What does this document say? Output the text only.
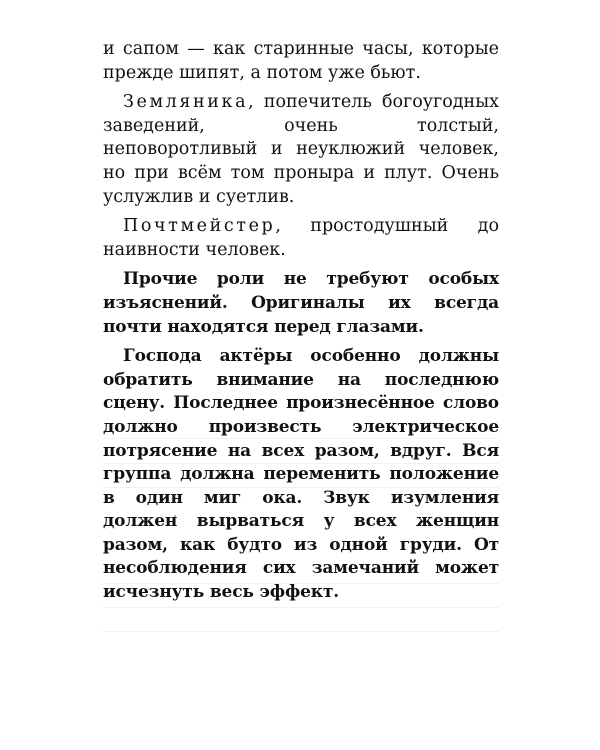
и сапом — как старинные часы, которые прежде шипят, а потом уже бьют.

Земляника, попечитель богоугодных заведений, очень толстый, неповоротливый и неуклюжий человек, но при всём том проныра и плут. Очень услужлив и суетлив.

Почтмейстер, простодушный до наивности человек.

Прочие роли не требуют особых изъяснений. Оригиналы их всегда почти находятся перед глазами.

Господа актёры особенно должны обратить внимание на последнюю сцену. Последнее произнесённое слово должно произвесть электрическое потрясение на всех разом, вдруг. Вся группа должна переменить положение в один миг ока. Звук изумления должен вырваться у всех женщин разом, как будто из одной груди. От несоблюдения сих замечаний может исчезнуть весь эффект.
